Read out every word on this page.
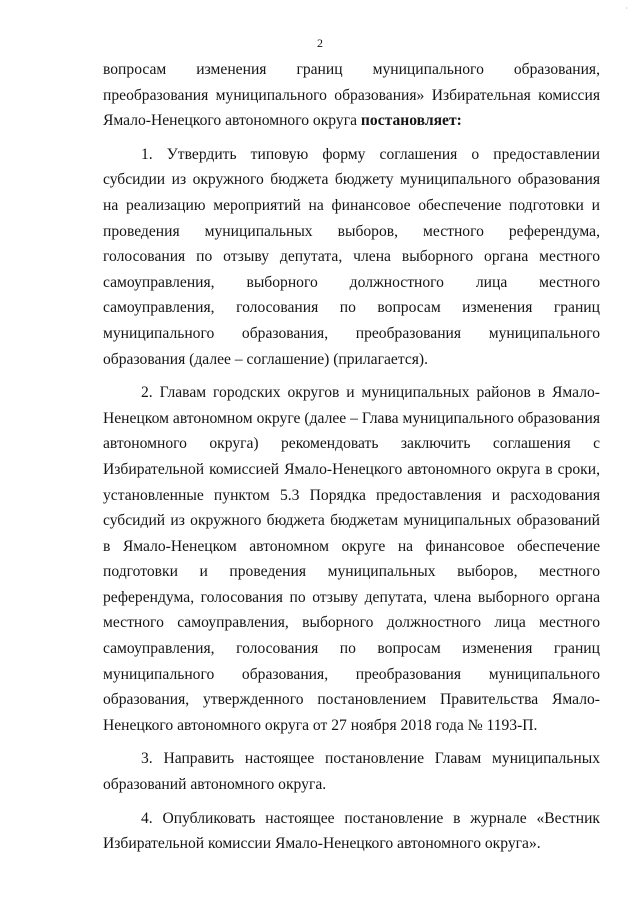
·
2

вопросам изменения границ муниципального образования, преобразования муниципального образования» Избирательная комиссия Ямало-Ненецкого автономного округа постановляет:

1. Утвердить типовую форму соглашения о предоставлении субсидии из окружного бюджета бюджету муниципального образования на реализацию мероприятий на финансовое обеспечение подготовки и проведения муниципальных выборов, местного референдума, голосования по отзыву депутата, члена выборного органа местного самоуправления, выборного должностного лица местного самоуправления, голосования по вопросам изменения границ муниципального образования, преобразования муниципального образования (далее – соглашение) (прилагается).

2. Главам городских округов и муниципальных районов в Ямало-Ненецком автономном округе (далее – Глава муниципального образования автономного округа) рекомендовать заключить соглашения с Избирательной комиссией Ямало-Ненецкого автономного округа в сроки, установленные пунктом 5.3 Порядка предоставления и расходования субсидий из окружного бюджета бюджетам муниципальных образований в Ямало-Ненецком автономном округе на финансовое обеспечение подготовки и проведения муниципальных выборов, местного референдума, голосования по отзыву депутата, члена выборного органа местного самоуправления, выборного должностного лица местного самоуправления, голосования по вопросам изменения границ муниципального образования, преобразования муниципального образования, утвержденного постановлением Правительства Ямало-Ненецкого автономного округа от 27 ноября 2018 года № 1193-П.

3. Направить настоящее постановление Главам муниципальных образований автономного округа.

4. Опубликовать настоящее постановление в журнале «Вестник Избирательной комиссии Ямало-Ненецкого автономного округа».
